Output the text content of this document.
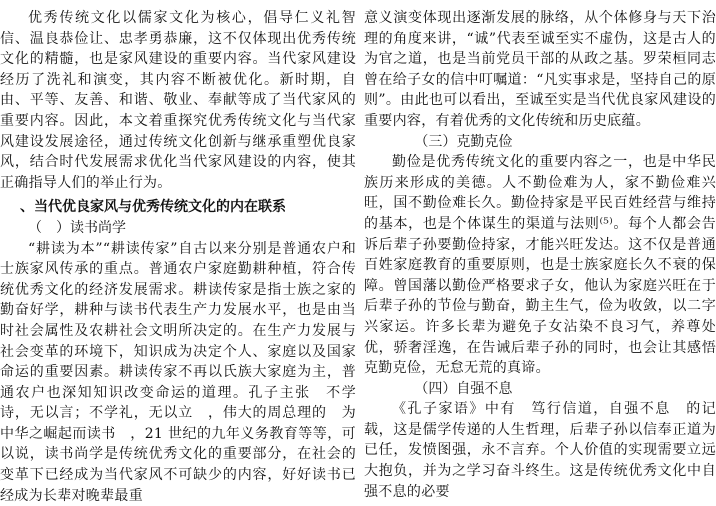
优秀传统文化以儒家文化为核心，倡导仁义礼智信、温良恭俭让、忠孝勇恭廉，这不仅体现出优秀传统文化的精髓，也是家风建设的重要内容。当代家风建设经历了洗礼和演变，其内容不断被优化。新时期，自由、平等、友善、和谐、敬业、奉献等成了当代家风的重要内容。因此，本文着重探究优秀传统文化与当代家风建设发展途径，通过传统文化创新与继承重塑优良家风，结合时代发展需求优化当代家风建设的内容，使其正确指导人们的举止行为。

、当代优良家风与优秀传统文化的内在联系

（　）读书尚学

“耕读为本”“耕读传家”自古以来分别是普通农户和士族家风传承的重点。普通农户家庭勤耕种植，符合传统优秀文化的经济发展需求。耕读传家是指士族之家的勤奋好学，耕种与读书代表生产力发展水平，也是由当时社会属性及农耕社会文明所决定的。在生产力发展与社会变革的环境下，知识成为决定个人、家庭以及国家命运的重要因素。耕读传家不再以氏族大家庭为主，普通农户也深知知识改变命运的道理。孔子主张　不学诗，无以言；不学礼，无以立　，伟大的周总理的　为中华之崛起而读书　，21 世纪的九年义务教育等等，可以说，读书尚学是传统优秀文化的重要部分，在社会的变革下已经成为当代家风不可缺少的内容，好好读书已经成为长辈对晚辈最重

意义演变体现出逐渐发展的脉络，从个体修身与天下治理的角度来讲，“诚”代表至诚至实不虚伪，这是古人的为官之道，也是当前党员干部的从政之基。罗荣桓同志曾在给子女的信中叮嘱道：“凡实事求是，坚持自己的原则”。由此也可以看出，至诚至实是当代优良家风建设的重要内容，有着优秀的文化传统和历史底蕴。

（三）克勤克俭

勤俭是优秀传统文化的重要内容之一，也是中华民族历来形成的美德。人不勤俭难为人，家不勤俭难兴旺，国不勤俭难长久。勤俭持家是平民百姓经营与维持的基本，也是个体谋生的渠道与法则⁽⁵⁾。每个人都会告诉后辈子孙要勤俭持家，才能兴旺发达。这不仅是普通百姓家庭教育的重要原则，也是士族家庭长久不衰的保障。曾国藩以勤俭严格要求子女，他认为家庭兴旺在于后辈子孙的节俭与勤奋，勤主生气，俭为收敛，以二字兴家运。许多长辈为避免子女沾染不良习气，养尊处优，骄奢淫逸，在告诫后辈子孙的同时，也会让其感悟克勤克俭，无怠无荒的真谛。

（四）自强不息

《孔子家语》中有　笃行信道，自强不息　的记载，这是儒学传递的人生哲理，后辈子孙以信奉正道为已任，发愤图强，永不言弃。个人价值的实现需要立远大抱负，并为之学习奋斗终生。这是传统优秀文化中自强不息的必要
